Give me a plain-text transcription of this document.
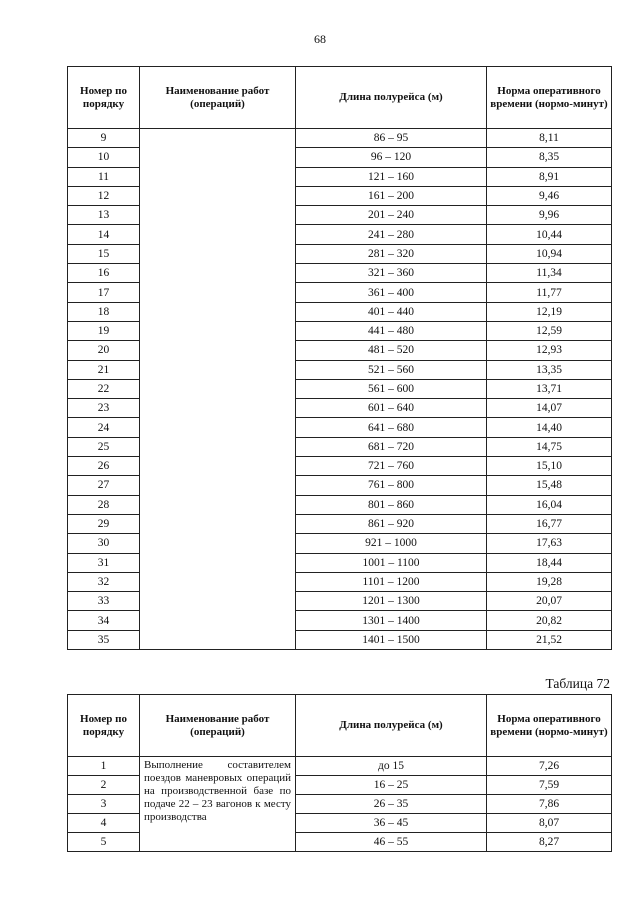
68
Номер по порядку	Наименование работ (операций)	Длина полурейса (м)	Норма оперативного времени (нормо-минут)
9		86 – 95	8,11
10		96 – 120	8,35
11		121 – 160	8,91
12		161 – 200	9,46
13		201 – 240	9,96
14		241 – 280	10,44
15		281 – 320	10,94
16		321 – 360	11,34
17		361 – 400	11,77
18		401 – 440	12,19
19		441 – 480	12,59
20		481 – 520	12,93
21		521 – 560	13,35
22		561 – 600	13,71
23		601 – 640	14,07
24		641 – 680	14,40
25		681 – 720	14,75
26		721 – 760	15,10
27		761 – 800	15,48
28		801 – 860	16,04
29		861 – 920	16,77
30		921 – 1000	17,63
31		1001 – 1100	18,44
32		1101 – 1200	19,28
33		1201 – 1300	20,07
34		1301 – 1400	20,82
35		1401 – 1500	21,52
Таблица 72
Номер по порядку	Наименование работ (операций)	Длина полурейса (м)	Норма оперативного времени (нормо-минут)
1	Выполнение составителем поездов маневровых операций на производственной базе по подаче 22 – 23 вагонов к месту производства	до 15	7,26
2		16 – 25	7,59
3		26 – 35	7,86
4		36 – 45	8,07
5		46 – 55	8,27
